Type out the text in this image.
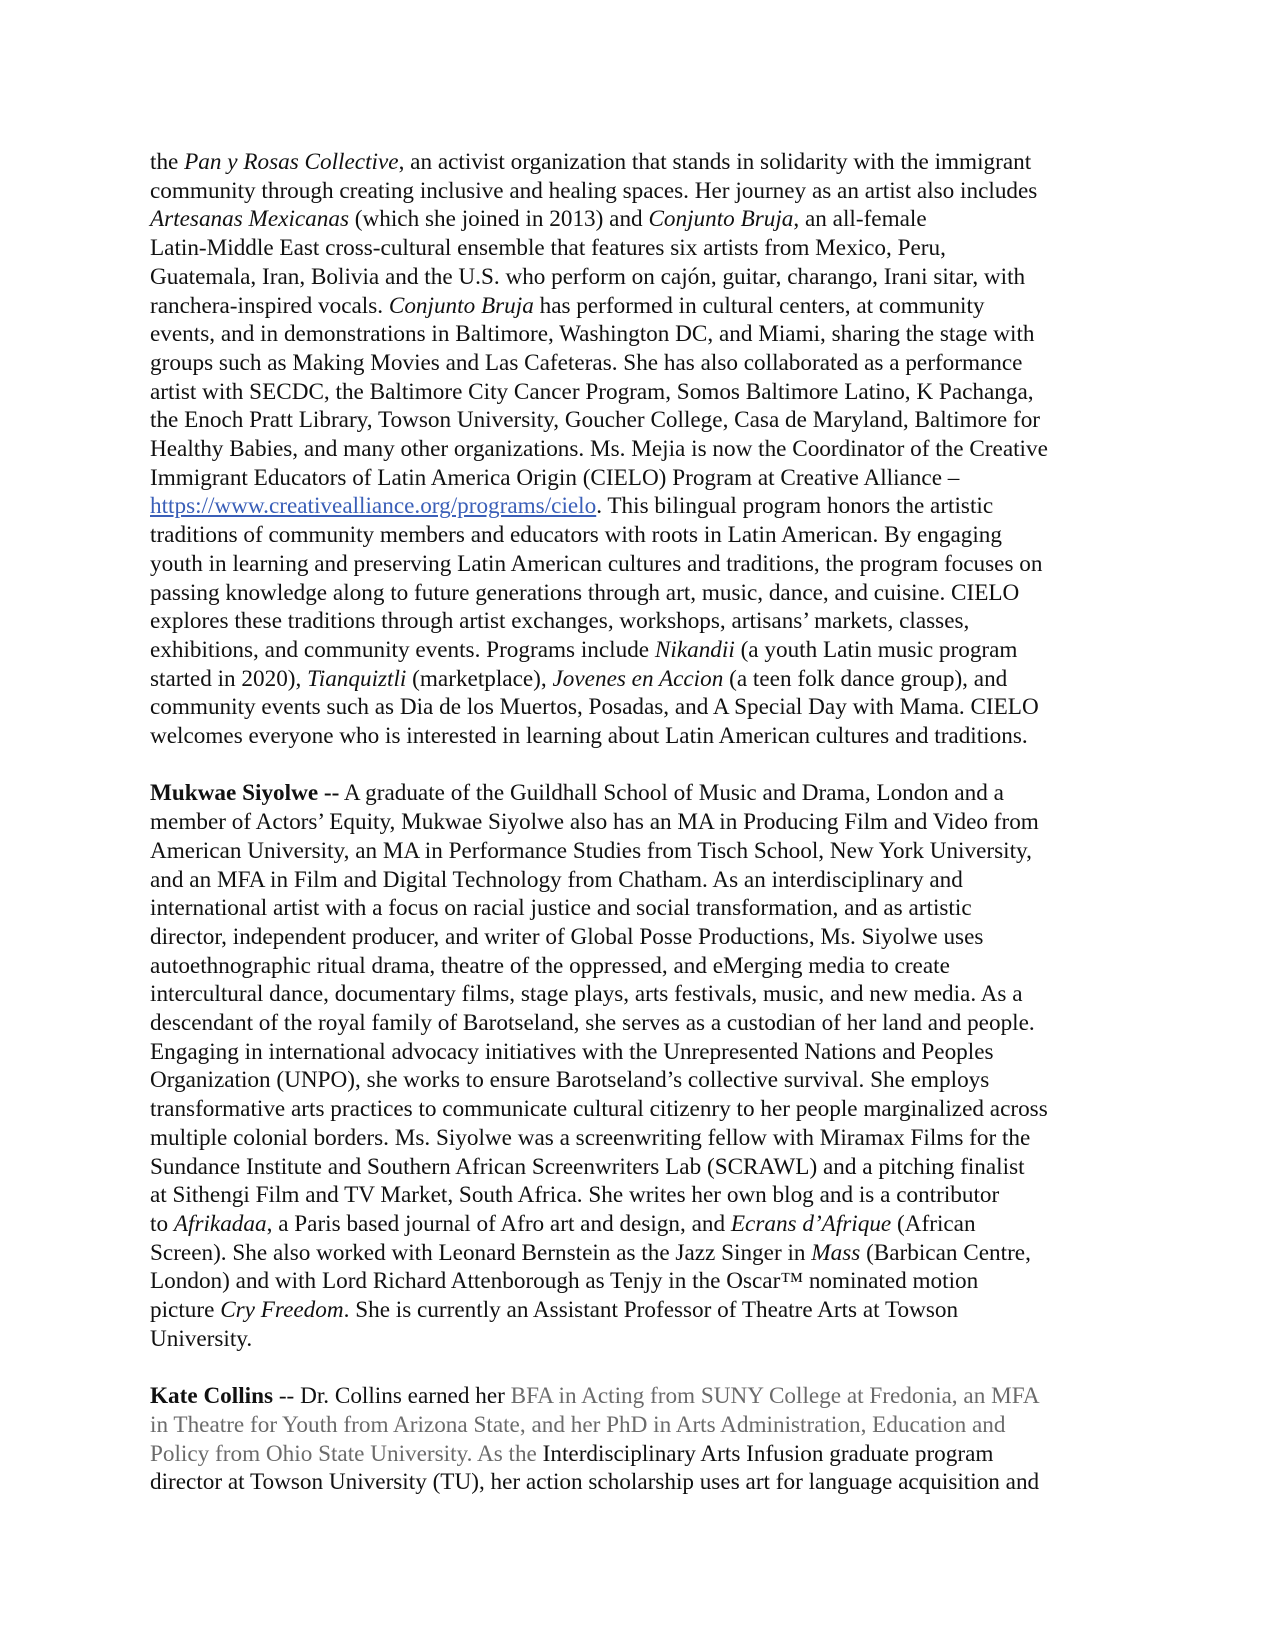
the Pan y Rosas Collective, an activist organization that stands in solidarity with the immigrant
community through creating inclusive and healing spaces. Her journey as an artist also includes
Artesanas Mexicanas (which she joined in 2013) and Conjunto Bruja, an all-female
Latin-Middle East cross-cultural ensemble that features six artists from Mexico, Peru,
Guatemala, Iran, Bolivia and the U.S. who perform on cajón, guitar, charango, Irani sitar, with
ranchera-inspired vocals. Conjunto Bruja has performed in cultural centers, at community
events, and in demonstrations in Baltimore, Washington DC, and Miami, sharing the stage with
groups such as Making Movies and Las Cafeteras. She has also collaborated as a performance
artist with SECDC, the Baltimore City Cancer Program, Somos Baltimore Latino, K Pachanga,
the Enoch Pratt Library, Towson University, Goucher College, Casa de Maryland, Baltimore for
Healthy Babies, and many other organizations. Ms. Mejia is now the Coordinator of the Creative
Immigrant Educators of Latin America Origin (CIELO) Program at Creative Alliance –
https://www.creativealliance.org/programs/cielo. This bilingual program honors the artistic
traditions of community members and educators with roots in Latin American. By engaging
youth in learning and preserving Latin American cultures and traditions, the program focuses on
passing knowledge along to future generations through art, music, dance, and cuisine. CIELO
explores these traditions through artist exchanges, workshops, artisans’ markets, classes,
exhibitions, and community events. Programs include Nikandii (a youth Latin music program
started in 2020), Tianquiztli (marketplace), Jovenes en Accion (a teen folk dance group), and
community events such as Dia de los Muertos, Posadas, and A Special Day with Mama. CIELO
welcomes everyone who is interested in learning about Latin American cultures and traditions.
Mukwae Siyolwe -- A graduate of the Guildhall School of Music and Drama, London and a
member of Actors’ Equity, Mukwae Siyolwe also has an MA in Producing Film and Video from
American University, an MA in Performance Studies from Tisch School, New York University,
and an MFA in Film and Digital Technology from Chatham. As an interdisciplinary and
international artist with a focus on racial justice and social transformation, and as artistic
director, independent producer, and writer of Global Posse Productions, Ms. Siyolwe uses
autoethnographic ritual drama, theatre of the oppressed, and eMerging media to create
intercultural dance, documentary films, stage plays, arts festivals, music, and new media. As a
descendant of the royal family of Barotseland, she serves as a custodian of her land and people.
Engaging in international advocacy initiatives with the Unrepresented Nations and Peoples
Organization (UNPO), she works to ensure Barotseland’s collective survival. She employs
transformative arts practices to communicate cultural citizenry to her people marginalized across
multiple colonial borders. Ms. Siyolwe was a screenwriting fellow with Miramax Films for the
Sundance Institute and Southern African Screenwriters Lab (SCRAWL) and a pitching finalist
at Sithengi Film and TV Market, South Africa. She writes her own blog and is a contributor
to Afrikadaa, a Paris based journal of Afro art and design, and Ecrans d’Afrique (African
Screen). She also worked with Leonard Bernstein as the Jazz Singer in Mass (Barbican Centre,
London) and with Lord Richard Attenborough as Tenjy in the Oscar™ nominated motion
picture Cry Freedom. She is currently an Assistant Professor of Theatre Arts at Towson
University.
Kate Collins -- Dr. Collins earned her BFA in Acting from SUNY College at Fredonia, an MFA
in Theatre for Youth from Arizona State, and her PhD in Arts Administration, Education and
Policy from Ohio State University. As the Interdisciplinary Arts Infusion graduate program
director at Towson University (TU), her action scholarship uses art for language acquisition and
